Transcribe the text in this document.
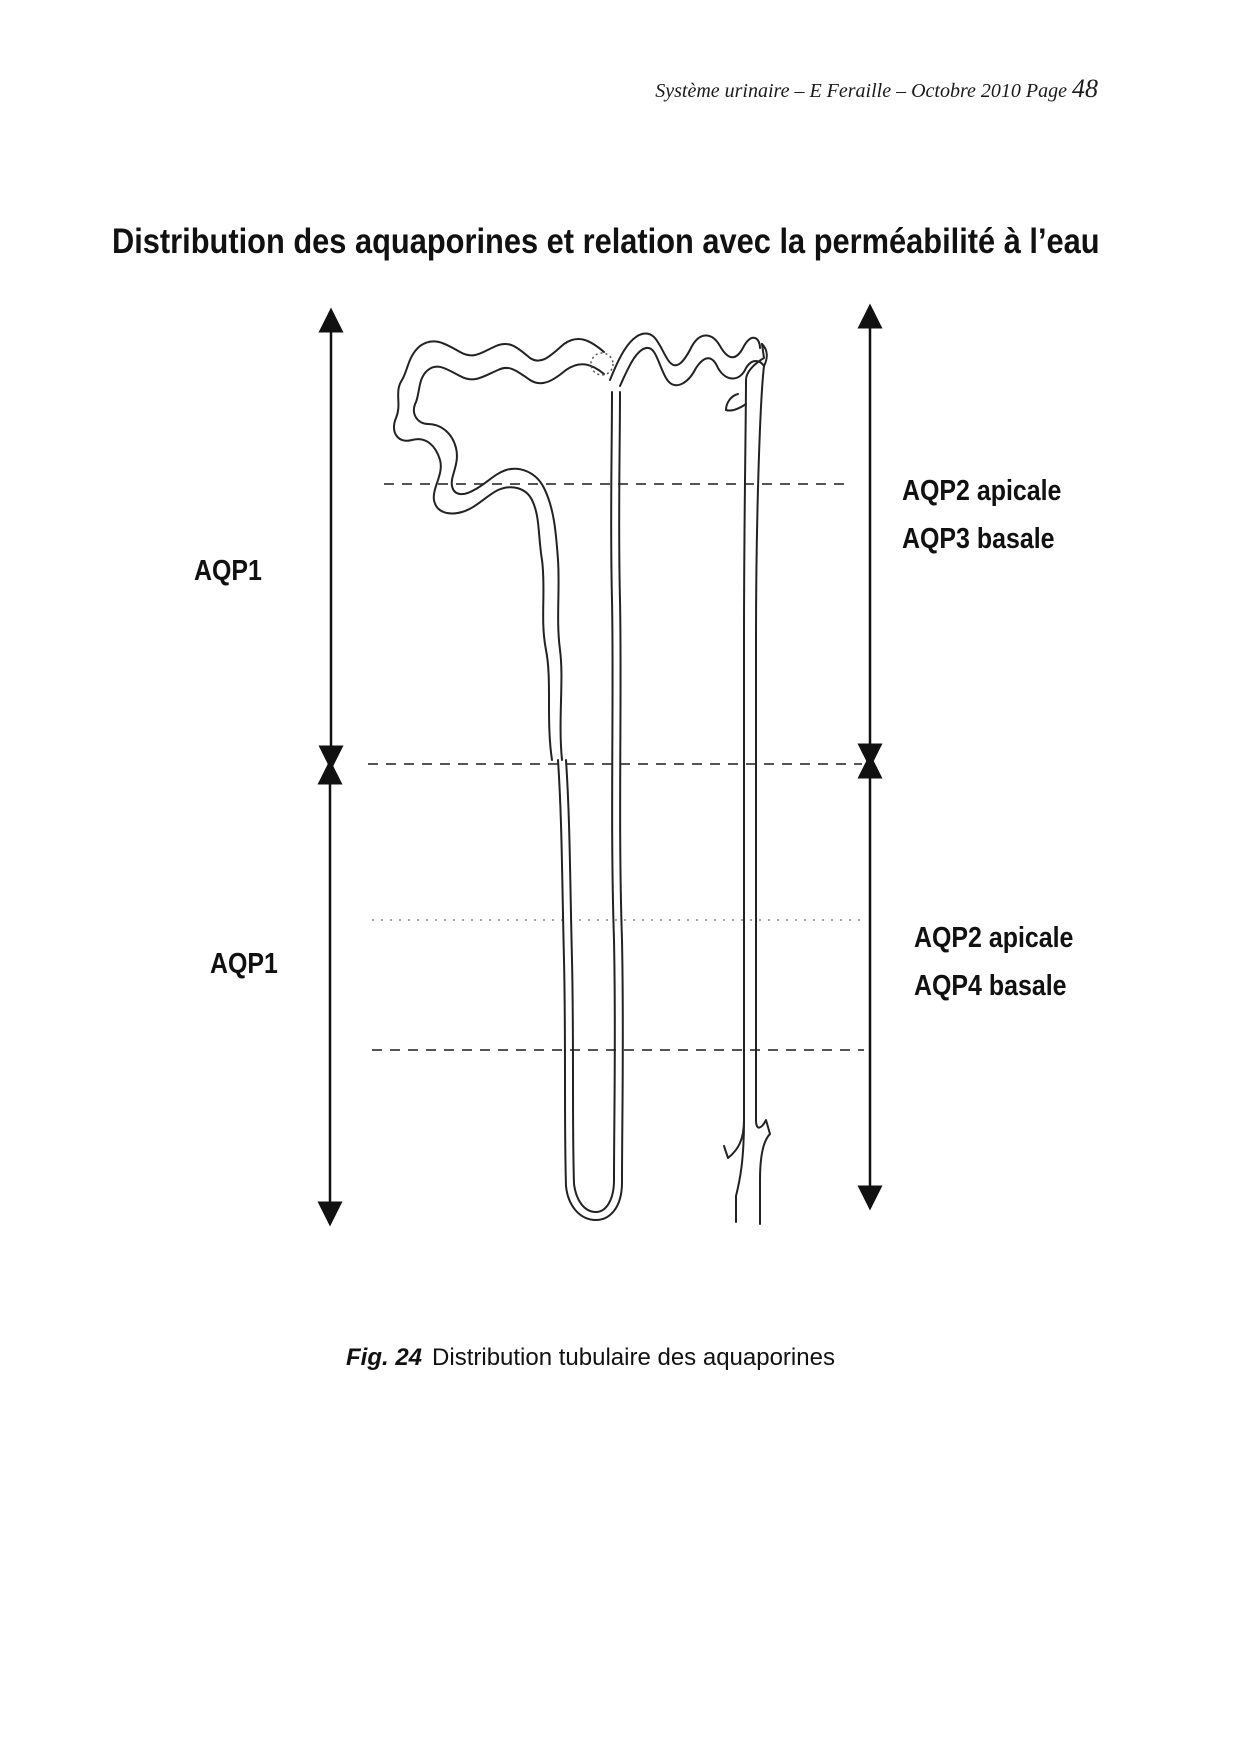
Système urinaire – E Feraille – Octobre 2010 Page 48
Distribution des aquaporines et relation avec la perméabilité à l’eau
AQP1
AQP1
AQP2 apicale
AQP3 basale
AQP2 apicale
AQP4 basale
Fig. 24 Distribution tubulaire des aquaporines
